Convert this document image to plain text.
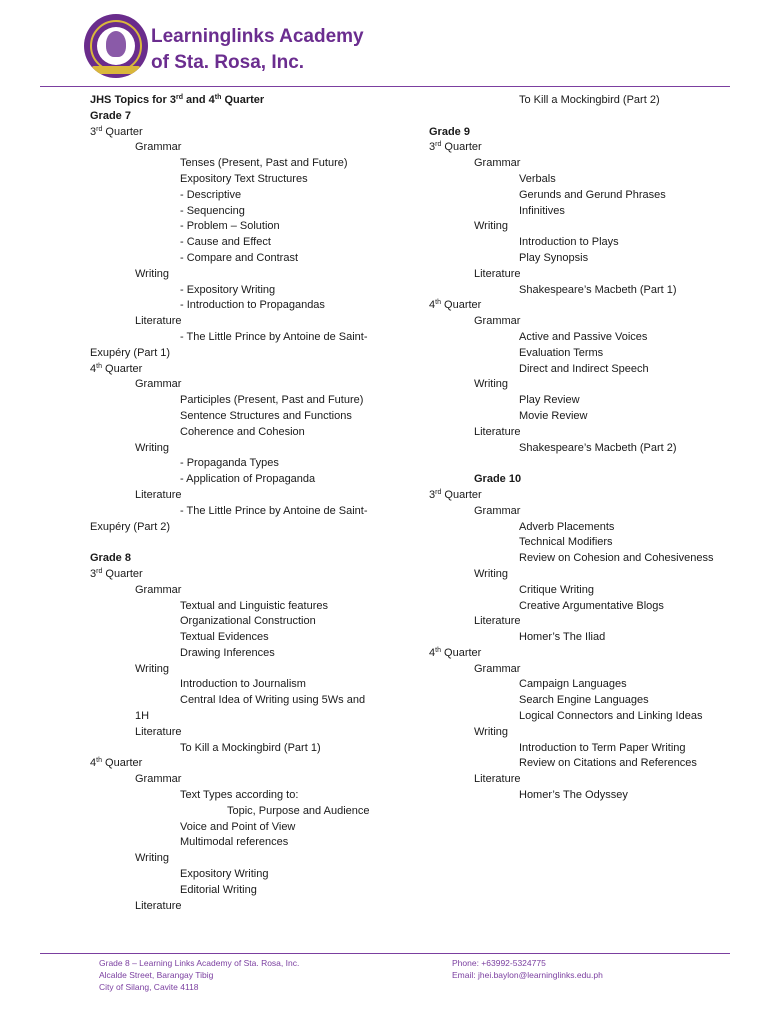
Learninglinks Academy
of Sta. Rosa, Inc.
JHS Topics for 3rd and 4th Quarter
Grade 7
3rd Quarter
Grammar
Tenses (Present, Past and Future)
Expository Text Structures
- Descriptive
- Sequencing
- Problem – Solution
- Cause and Effect
- Compare and Contrast
Writing
- Expository Writing
- Introduction to Propagandas
Literature
- The Little Prince by Antoine de Saint-
Exupéry (Part 1)
4th Quarter
Grammar
Participles (Present, Past and Future)
Sentence Structures and Functions
Coherence and Cohesion
Writing
- Propaganda Types
- Application of Propaganda
Literature
- The Little Prince by Antoine de Saint-
Exupéry (Part 2)
Grade 8
3rd Quarter
Grammar
Textual and Linguistic features
Organizational Construction
Textual Evidences
Drawing Inferences
Writing
Introduction to Journalism
Central Idea of Writing using 5Ws and
1H
Literature
To Kill a Mockingbird (Part 1)
4th Quarter
Grammar
Text Types according to:
Topic, Purpose and Audience
Voice and Point of View
Multimodal references
Writing
Expository Writing
Editorial Writing
Literature
To Kill a Mockingbird (Part 2)
Grade 9
3rd Quarter
Grammar
Verbals
Gerunds and Gerund Phrases
Infinitives
Writing
Introduction to Plays
Play Synopsis
Literature
Shakespeare’s Macbeth (Part 1)
4th Quarter
Grammar
Active and Passive Voices
Evaluation Terms
Direct and Indirect Speech
Writing
Play Review
Movie Review
Literature
Shakespeare’s Macbeth (Part 2)
Grade 10
3rd Quarter
Grammar
Adverb Placements
Technical Modifiers
Review on Cohesion and Cohesiveness
Writing
Critique Writing
Creative Argumentative Blogs
Literature
Homer’s The Iliad
4th Quarter
Grammar
Campaign Languages
Search Engine Languages
Logical Connectors and Linking Ideas
Writing
Introduction to Term Paper Writing
Review on Citations and References
Literature
Homer’s The Odyssey
Grade 8 – Learning Links Academy of Sta. Rosa, Inc.
Alcalde Street, Barangay Tibig
City of Silang, Cavite 4118
Phone: +63992-5324775
Email: jhei.baylon@learninglinks.edu.ph
